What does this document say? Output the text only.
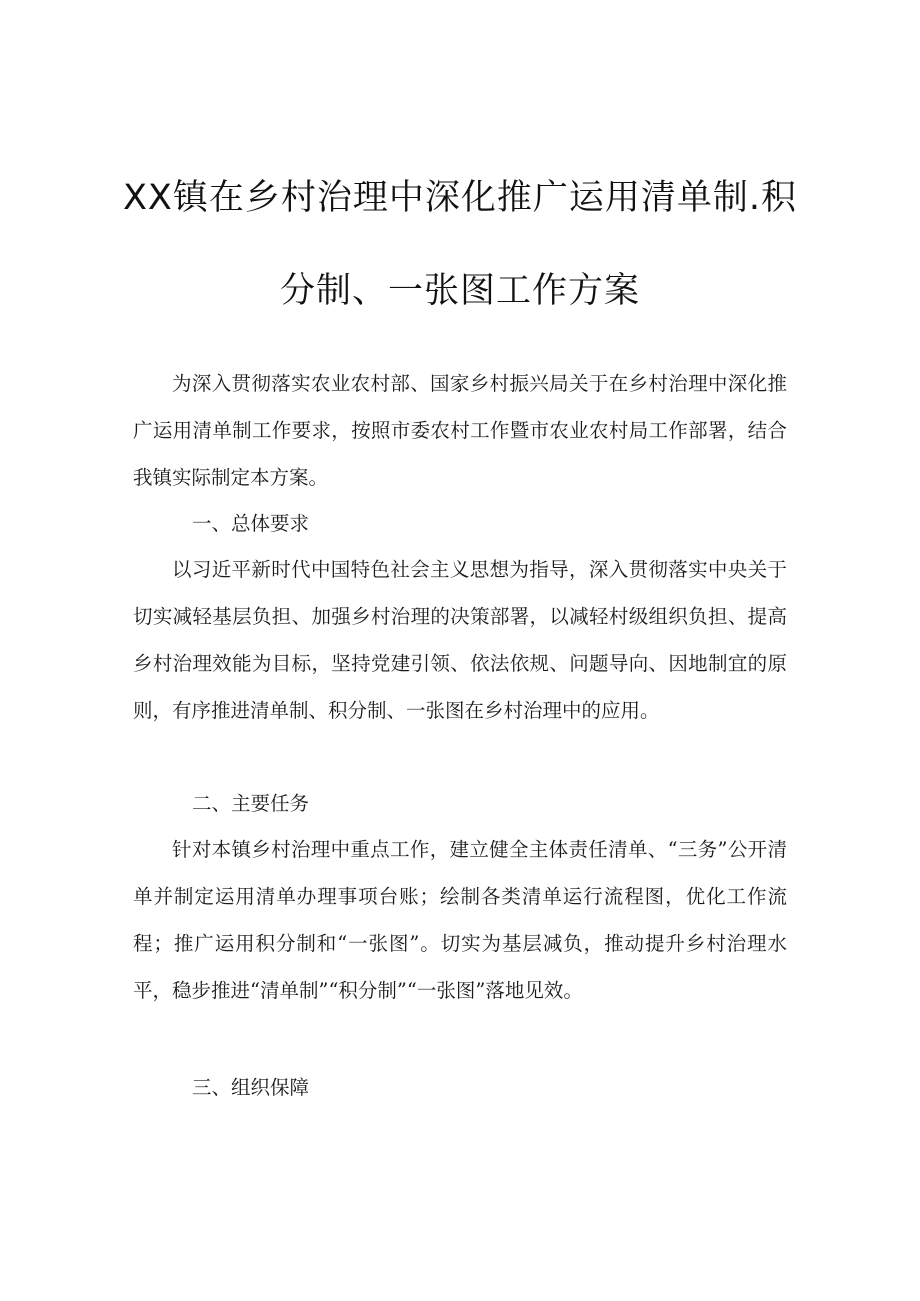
XX镇在乡村治理中深化推广运用清单制.积
分制、一张图工作方案

为深入贯彻落实农业农村部、国家乡村振兴局关于在乡村治理中深化推广运用清单制工作要求，按照市委农村工作暨市农业农村局工作部署，结合我镇实际制定本方案。

一、总体要求

以习近平新时代中国特色社会主义思想为指导，深入贯彻落实中央关于切实减轻基层负担、加强乡村治理的决策部署，以减轻村级组织负担、提高乡村治理效能为目标，坚持党建引领、依法依规、问题导向、因地制宜的原则，有序推进清单制、积分制、一张图在乡村治理中的应用。

二、主要任务

针对本镇乡村治理中重点工作，建立健全主体责任清单、“三务”公开清单并制定运用清单办理事项台账；绘制各类清单运行流程图，优化工作流程；推广运用积分制和“一张图”。切实为基层减负，推动提升乡村治理水平，稳步推进“清单制”“积分制”“一张图”落地见效。

三、组织保障
